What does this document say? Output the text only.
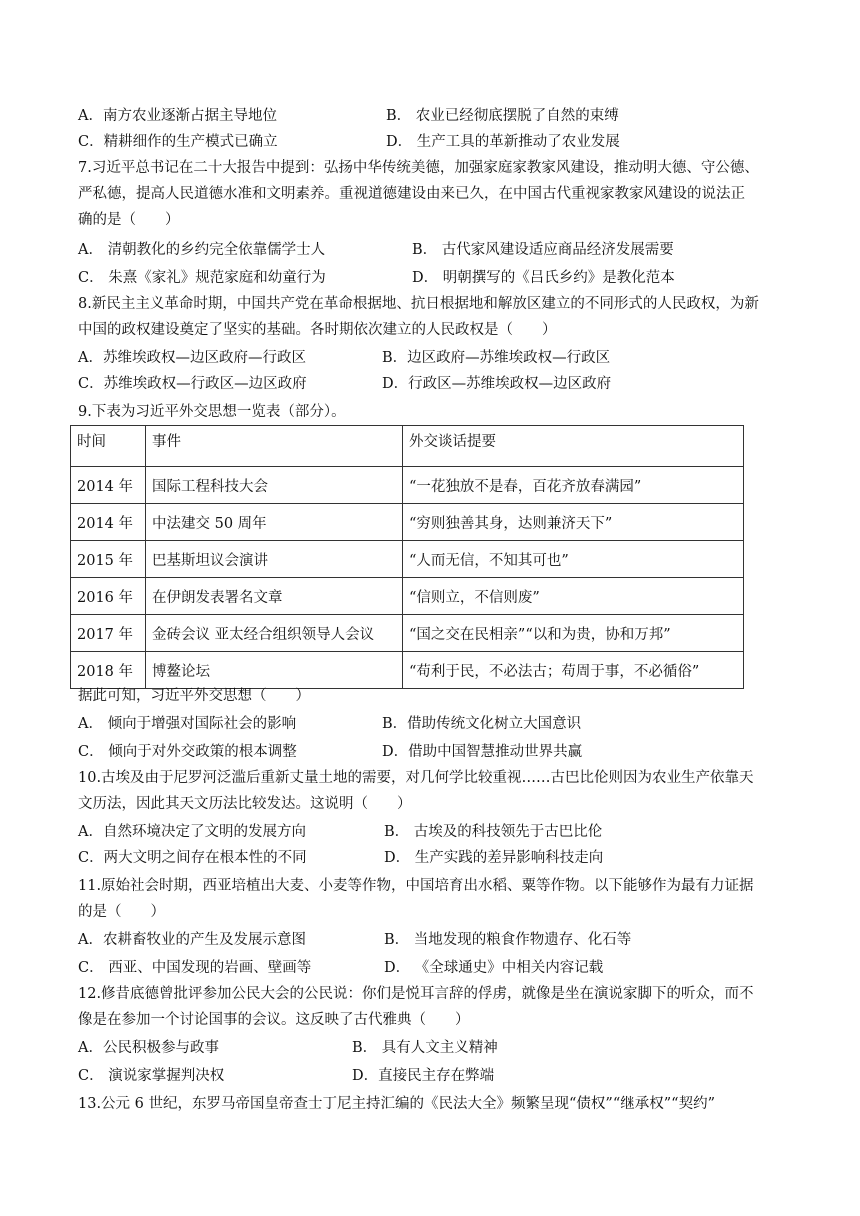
A．南方农业逐渐占据主导地位	B． 农业已经彻底摆脱了自然的束缚
C．精耕细作的生产模式已确立	D． 生产工具的革新推动了农业发展
7.习近平总书记在二十大报告中提到：弘扬中华传统美德，加强家庭家教家风建设，推动明大德、守公德、
严私德，提高人民道德水准和文明素养。重视道德建设由来已久，在中国古代重视家教家风建设的说法正
确的是（　　）
A． 清朝教化的乡约完全依靠儒学士人	B． 古代家风建设适应商品经济发展需要
C． 朱熹《家礼》规范家庭和幼童行为	D． 明朝撰写的《吕氏乡约》是教化范本
8.新民主主义革命时期，中国共产党在革命根据地、抗日根据地和解放区建立的不同形式的人民政权，为新
中国的政权建设奠定了坚实的基础。各时期依次建立的人民政权是（　　）
A．苏维埃政权—边区政府—行政区	B．边区政府—苏维埃政权—行政区
C．苏维埃政权—行政区—边区政府	D．行政区—苏维埃政权—边区政府
9.下表为习近平外交思想一览表（部分）。
时间	事件	外交谈话提要
2014 年	国际工程科技大会	“一花独放不是春，百花齐放春满园”
2014 年	中法建交 50 周年	“穷则独善其身，达则兼济天下”
2015 年	巴基斯坦议会演讲	“人而无信，不知其可也”
2016 年	在伊朗发表署名文章	“信则立，不信则废”
2017 年	金砖会议 亚太经合组织领导人会议	“国之交在民相亲”“以和为贵，协和万邦”
2018 年	博鳌论坛	“苟利于民，不必法古；苟周于事，不必循俗”
据此可知，习近平外交思想（　　）
A． 倾向于增强对国际社会的影响	B．借助传统文化树立大国意识
C． 倾向于对外交政策的根本调整	D．借助中国智慧推动世界共赢
10.古埃及由于尼罗河泛滥后重新丈量土地的需要，对几何学比较重视……古巴比伦则因为农业生产依靠天
文历法，因此其天文历法比较发达。这说明（　　）
A．自然环境决定了文明的发展方向	B． 古埃及的科技领先于古巴比伦
C．两大文明之间存在根本性的不同	D． 生产实践的差异影响科技走向
11.原始社会时期，西亚培植出大麦、小麦等作物，中国培育出水稻、粟等作物。以下能够作为最有力证据
的是（　　）
A．农耕畜牧业的产生及发展示意图	B． 当地发现的粮食作物遗存、化石等
C． 西亚、中国发现的岩画、壁画等	D． 《全球通史》中相关内容记载
12.修昔底德曾批评参加公民大会的公民说：你们是悦耳言辞的俘虏，就像是坐在演说家脚下的听众，而不
像是在参加一个讨论国事的会议。这反映了古代雅典（　　）
A．公民积极参与政事	B． 具有人文主义精神
C． 演说家掌握判决权	D．直接民主存在弊端
13.公元 6 世纪，东罗马帝国皇帝查士丁尼主持汇编的《民法大全》频繁呈现“债权”“继承权”“契约”
